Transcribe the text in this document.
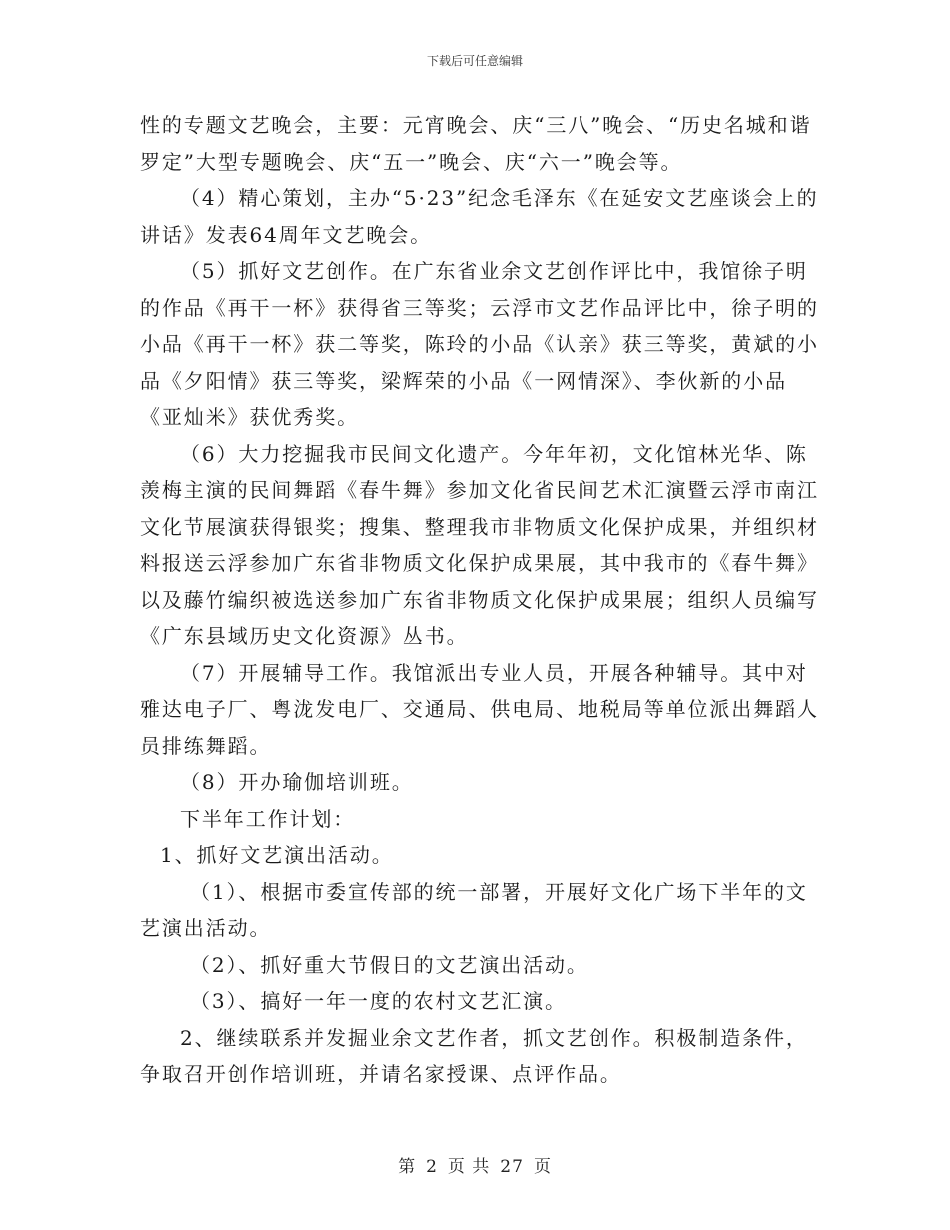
下载后可任意编辑

性的专题文艺晚会，主要：元宵晚会、庆“三八”晚会、“历史名城和谐罗定”大型专题晚会、庆“五一”晚会、庆“六一”晚会等。

（4）精心策划，主办“5·23”纪念毛泽东《在延安文艺座谈会上的讲话》发表64周年文艺晚会。

（5）抓好文艺创作。在广东省业余文艺创作评比中，我馆徐子明的作品《再干一杯》获得省三等奖；云浮市文艺作品评比中，徐子明的小品《再干一杯》获二等奖，陈玲的小品《认亲》获三等奖，黄斌的小品《夕阳情》获三等奖，梁辉荣的小品《一网情深》、李伙新的小品《亚灿米》获优秀奖。

（6）大力挖掘我市民间文化遗产。今年年初，文化馆林光华、陈羡梅主演的民间舞蹈《春牛舞》参加文化省民间艺术汇演暨云浮市南江文化节展演获得银奖；搜集、整理我市非物质文化保护成果，并组织材料报送云浮参加广东省非物质文化保护成果展，其中我市的《春牛舞》以及藤竹编织被选送参加广东省非物质文化保护成果展；组织人员编写《广东县域历史文化资源》丛书。

（7）开展辅导工作。我馆派出专业人员，开展各种辅导。其中对雅达电子厂、粤泷发电厂、交通局、供电局、地税局等单位派出舞蹈人员排练舞蹈。

（8）开办瑜伽培训班。

下半年工作计划：

1、抓好文艺演出活动。

（1）、根据市委宣传部的统一部署，开展好文化广场下半年的文艺演出活动。

（2）、抓好重大节假日的文艺演出活动。

（3）、搞好一年一度的农村文艺汇演。

2、继续联系并发掘业余文艺作者，抓文艺创作。积极制造条件，争取召开创作培训班，并请名家授课、点评作品。

第 2 页 共 27 页
